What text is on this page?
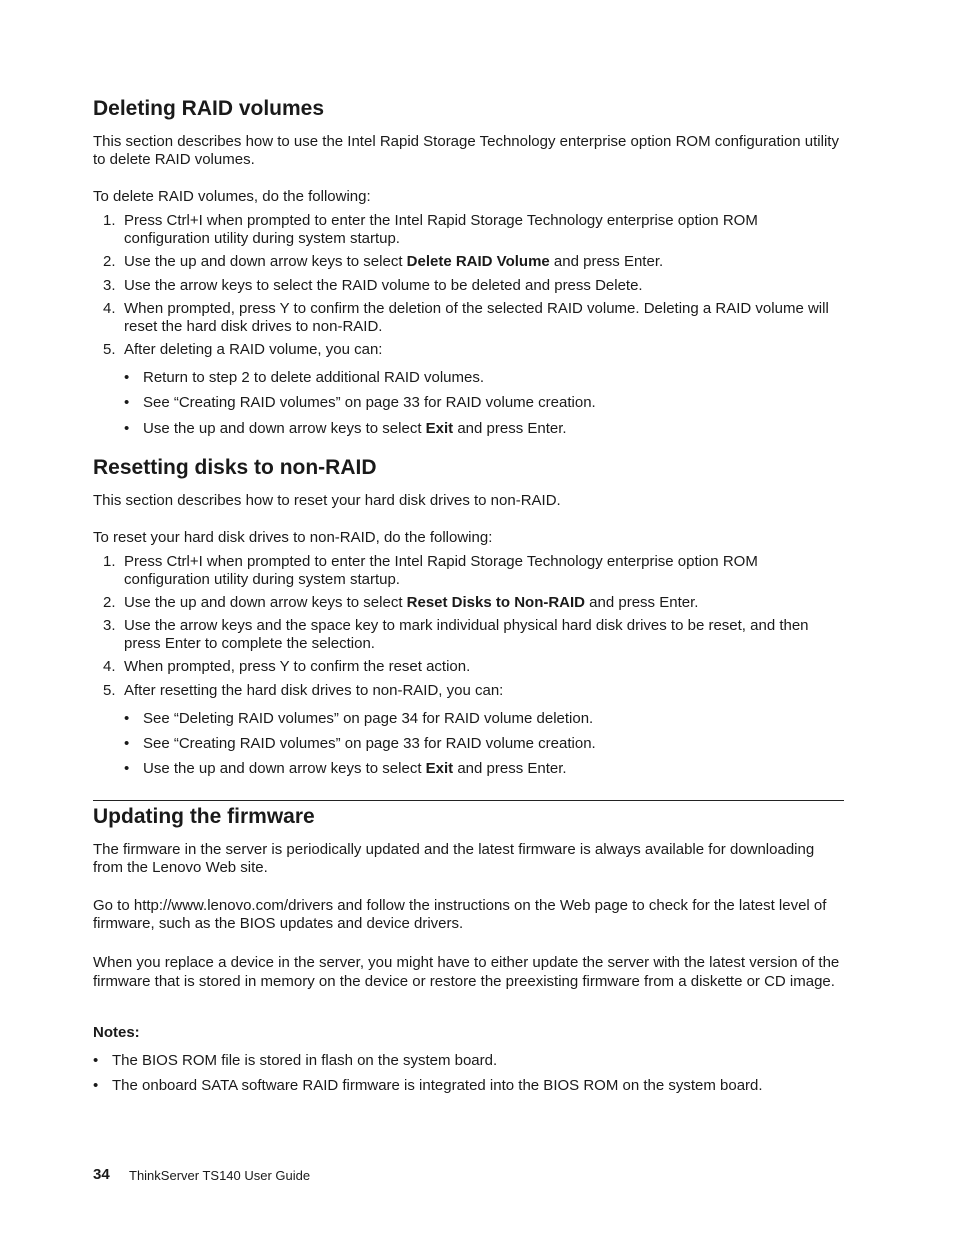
Deleting RAID volumes

This section describes how to use the Intel Rapid Storage Technology enterprise option ROM configuration utility to delete RAID volumes.

To delete RAID volumes, do the following:

1. Press Ctrl+I when prompted to enter the Intel Rapid Storage Technology enterprise option ROM configuration utility during system startup.
2. Use the up and down arrow keys to select Delete RAID Volume and press Enter.
3. Use the arrow keys to select the RAID volume to be deleted and press Delete.
4. When prompted, press Y to confirm the deletion of the selected RAID volume. Deleting a RAID volume will reset the hard disk drives to non-RAID.
5. After deleting a RAID volume, you can:
• Return to step 2 to delete additional RAID volumes.
• See “Creating RAID volumes” on page 33 for RAID volume creation.
• Use the up and down arrow keys to select Exit and press Enter.
Resetting disks to non-RAID

This section describes how to reset your hard disk drives to non-RAID.

To reset your hard disk drives to non-RAID, do the following:

1. Press Ctrl+I when prompted to enter the Intel Rapid Storage Technology enterprise option ROM configuration utility during system startup.
2. Use the up and down arrow keys to select Reset Disks to Non-RAID and press Enter.
3. Use the arrow keys and the space key to mark individual physical hard disk drives to be reset, and then press Enter to complete the selection.
4. When prompted, press Y to confirm the reset action.
5. After resetting the hard disk drives to non-RAID, you can:
• See “Deleting RAID volumes” on page 34 for RAID volume deletion.
• See “Creating RAID volumes” on page 33 for RAID volume creation.
• Use the up and down arrow keys to select Exit and press Enter.
Updating the firmware

The firmware in the server is periodically updated and the latest firmware is always available for downloading from the Lenovo Web site.

Go to http://www.lenovo.com/drivers and follow the instructions on the Web page to check for the latest level of firmware, such as the BIOS updates and device drivers.

When you replace a device in the server, you might have to either update the server with the latest version of the firmware that is stored in memory on the device or restore the preexisting firmware from a diskette or CD image.

Notes:

• The BIOS ROM file is stored in flash on the system board.
• The onboard SATA software RAID firmware is integrated into the BIOS ROM on the system board.
34 ThinkServer TS140 User Guide
